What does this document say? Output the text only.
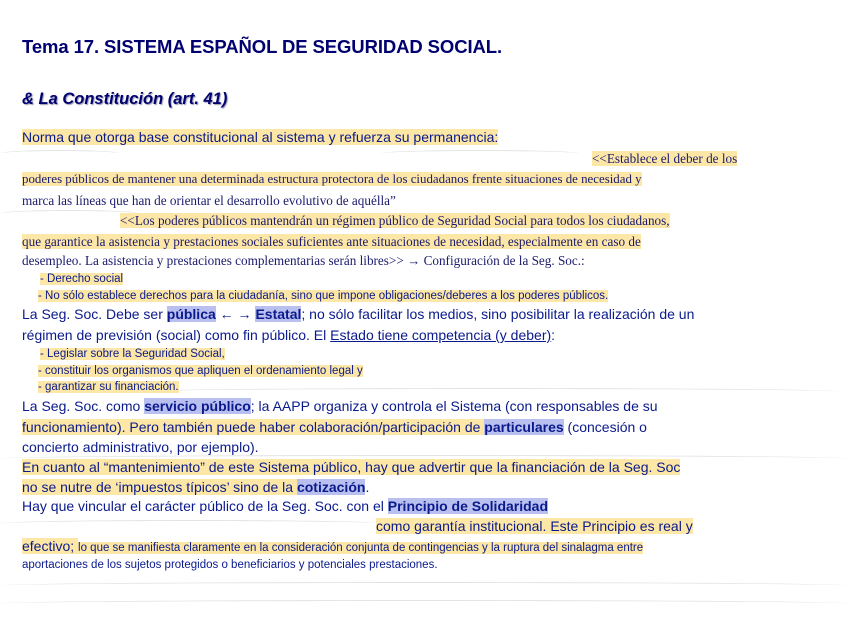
Tema 17. SISTEMA ESPAÑOL DE SEGURIDAD SOCIAL.
& La Constitución (art. 41)
Norma que otorga base constitucional al sistema y refuerza su permanencia:
<<Establece el deber de los
poderes públicos de mantener una determinada estructura protectora de los ciudadanos frente situaciones de necesidad y
marca las líneas que han de orientar el desarrollo evolutivo de aquélla”
<<Los poderes públicos mantendrán un régimen público de Seguridad Social para todos los ciudadanos,
que garantice la asistencia y prestaciones sociales suficientes ante situaciones de necesidad, especialmente en caso de
desempleo. La asistencia y prestaciones complementarias serán libres>> → Configuración de la Seg. Soc.:
- Derecho social
- No sólo establece derechos para la ciudadanía, sino que impone obligaciones/deberes a los poderes públicos.
La Seg. Soc. Debe ser pública ← → Estatal; no sólo facilitar los medios, sino posibilitar la realización de un
régimen de previsión (social) como fin público. El Estado tiene competencia (y deber):
- Legislar sobre la Seguridad Social,
- constituir los organismos que apliquen el ordenamiento legal y
- garantizar su financiación.
La Seg. Soc. como servicio público; la AAPP organiza y controla el Sistema (con responsables de su
funcionamiento). Pero también puede haber colaboración/participación de particulares (concesión o
concierto administrativo, por ejemplo).
En cuanto al “mantenimiento” de este Sistema público, hay que advertir que la financiación de la Seg. Soc
no se nutre de ‘impuestos típicos’ sino de la cotización.
Hay que vincular el carácter público de la Seg. Soc. con el Principio de Solidaridad
como garantía institucional. Este Principio es real y
efectivo; lo que se manifiesta claramente en la consideración conjunta de contingencias y la ruptura del sinalagma entre
aportaciones de los sujetos protegidos o beneficiarios y potenciales prestaciones.
